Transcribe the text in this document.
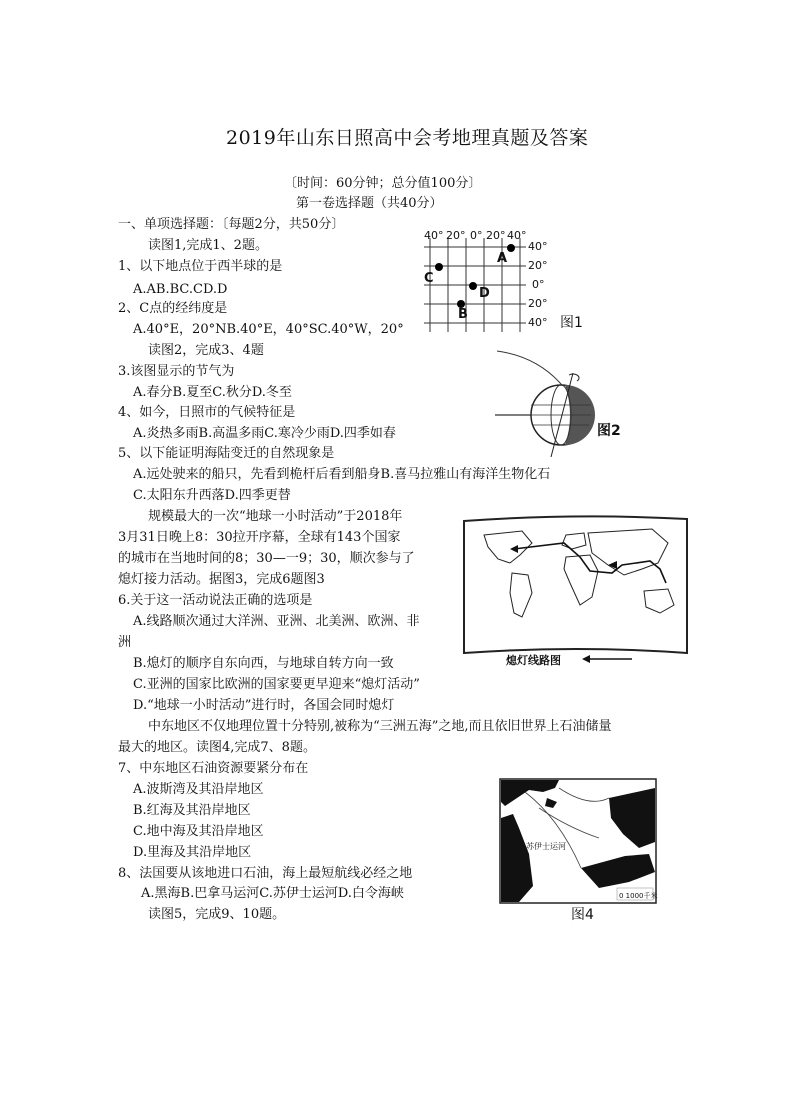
2019年山东日照高中会考地理真题及答案
〔时间：60分钟；总分值100分〕
第一卷选择题（共40分）
一、单项选择题：〔每题2分，共50分〕
读图1,完成1、2题。
1、以下地点位于西半球的是
A.AB.BC.CD.D
2、C点的经纬度是
A.40°E，20°NB.40°E，40°SC.40°W，20°
读图2，完成3、4题
3.该图显示的节气为
A.春分B.夏至C.秋分D.冬至
4、如今，日照市的气候特征是
A.炎热多雨B.高温多雨C.寒冷少雨D.四季如春
5、以下能证明海陆变迁的自然现象是
A.远处驶来的船只，先看到桅杆后看到船身B.喜马拉雅山有海洋生物化石
C.太阳东升西落D.四季更替
规模最大的一次“地球一小时活动”于2018年
3月31日晚上8：30拉开序幕，全球有143个国家
的城市在当地时间的8；30—一9；30，顺次参与了
熄灯接力活动。据图3，完成6题图3
6.关于这一活动说法正确的选项是
A.线路顺次通过大洋洲、亚洲、北美洲、欧洲、非
洲
B.熄灯的顺序自东向西，与地球自转方向一致
C.亚洲的国家比欧洲的国家要更早迎来“熄灯活动”
D.“地球一小时活动”进行时，各国会同时熄灯
中东地区不仅地理位置十分特别,被称为“三洲五海”之地,而且依旧世界上石油储量
最大的地区。读图4,完成7、8题。
7、中东地区石油资源要紧分布在
A.波斯湾及其沿岸地区
B.红海及其沿岸地区
C.地中海及其沿岸地区
D.里海及其沿岸地区
8、法国要从该地进口石油，海上最短航线必经之地
A.黑海B.巴拿马运河C.苏伊士运河D.白令海峡
读图5，完成9、10题。
40° 20° 0° 20° 40°
40°
20°
0°
20°
40°
A
B
C
D
图1
图2
熄灯线路图
苏伊士运河
0 1000千米
图4
